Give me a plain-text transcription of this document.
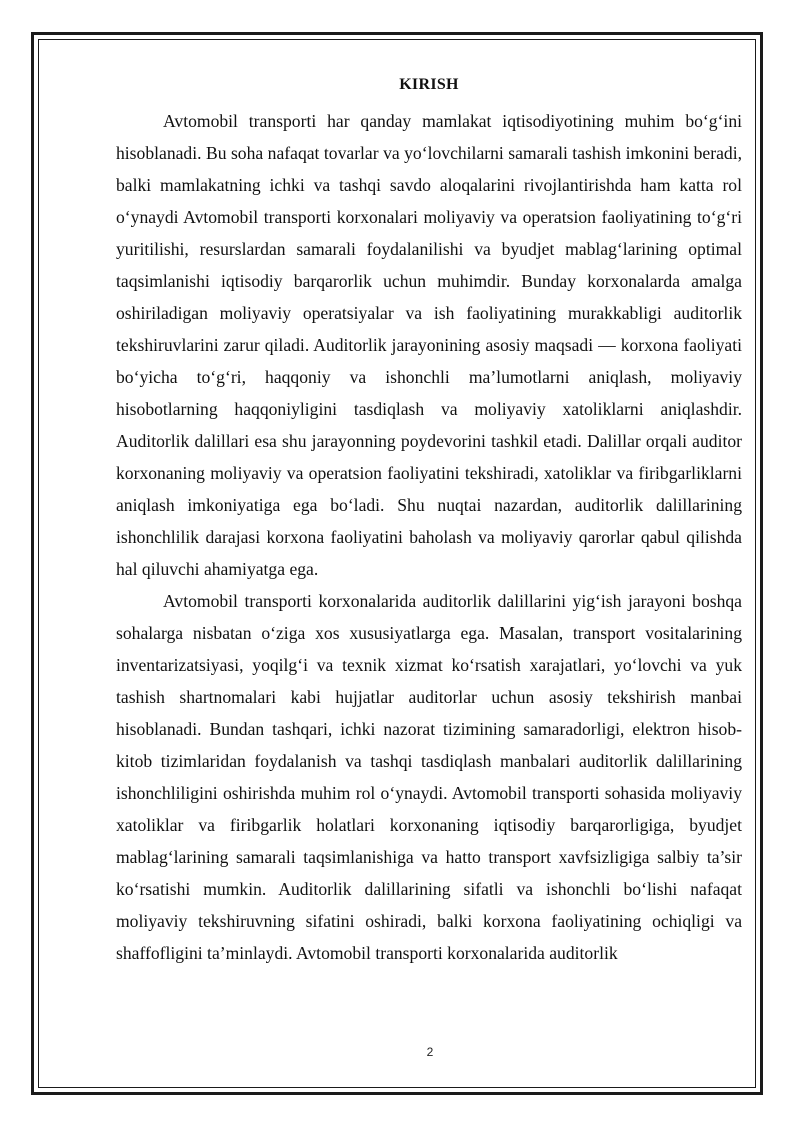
KIRISH

Avtomobil transporti har qanday mamlakat iqtisodiyotining muhim bo‘g‘ini hisoblanadi. Bu soha nafaqat tovarlar va yo‘lovchilarni samarali tashish imkonini beradi, balki mamlakatning ichki va tashqi savdo aloqalarini rivojlantirishda ham katta rol o‘ynaydi Avtomobil transporti korxonalari moliyaviy va operatsion faoliyatining to‘g‘ri yuritilishi, resurslardan samarali foydalanilishi va byudjet mablag‘larining optimal taqsimlanishi iqtisodiy barqarorlik uchun muhimdir. Bunday korxonalarda amalga oshiriladigan moliyaviy operatsiyalar va ish faoliyatining murakkabligi auditorlik tekshiruvlarini zarur qiladi. Auditorlik jarayonining asosiy maqsadi — korxona faoliyati bo‘yicha to‘g‘ri, haqqoniy va ishonchli ma’lumotlarni aniqlash, moliyaviy hisobotlarning haqqoniyligini tasdiqlash va moliyaviy xatoliklarni aniqlashdir. Auditorlik dalillari esa shu jarayonning poydevorini tashkil etadi. Dalillar orqali auditor korxonaning moliyaviy va operatsion faoliyatini tekshiradi, xatoliklar va firibgarliklarni aniqlash imkoniyatiga ega bo‘ladi. Shu nuqtai nazardan, auditorlik dalillarining ishonchlilik darajasi korxona faoliyatini baholash va moliyaviy qarorlar qabul qilishda hal qiluvchi ahamiyatga ega.

Avtomobil transporti korxonalarida auditorlik dalillarini yig‘ish jarayoni boshqa sohalarga nisbatan o‘ziga xos xususiyatlarga ega. Masalan, transport vositalarining inventarizatsiyasi, yoqilg‘i va texnik xizmat ko‘rsatish xarajatlari, yo‘lovchi va yuk tashish shartnomalari kabi hujjatlar auditorlar uchun asosiy tekshirish manbai hisoblanadi. Bundan tashqari, ichki nazorat tizimining samaradorligi, elektron hisob-kitob tizimlaridan foydalanish va tashqi tasdiqlash manbalari auditorlik dalillarining ishonchliligini oshirishda muhim rol o‘ynaydi. Avtomobil transporti sohasida moliyaviy xatoliklar va firibgarlik holatlari korxonaning iqtisodiy barqarorligiga, byudjet mablag‘larining samarali taqsimlanishiga va hatto transport xavfsizligiga salbiy ta’sir ko‘rsatishi mumkin. Auditorlik dalillarining sifatli va ishonchli bo‘lishi nafaqat moliyaviy tekshiruvning sifatini oshiradi, balki korxona faoliyatining ochiqligi va shaffofligini ta’minlaydi. Avtomobil transporti korxonalarida auditorlik

2
